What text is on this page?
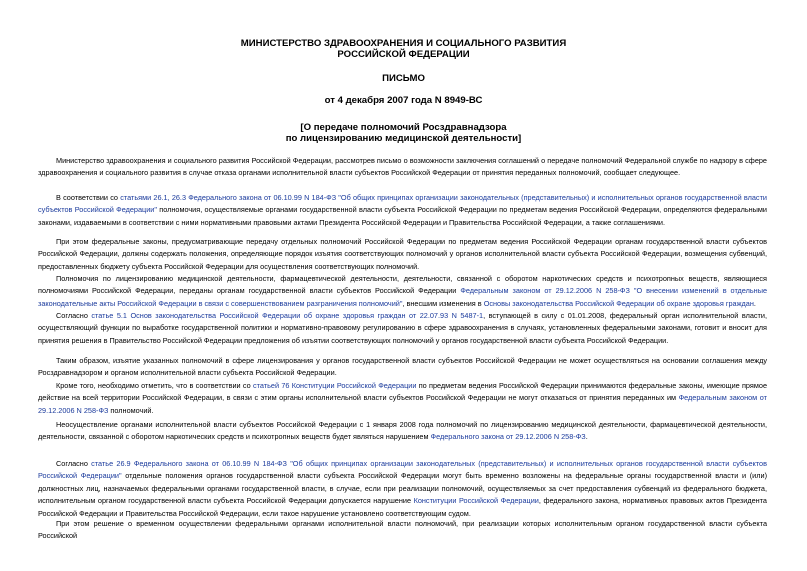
МИНИСТЕРСТВО ЗДРАВООХРАНЕНИЯ И СОЦИАЛЬНОГО РАЗВИТИЯ
РОССИЙСКОЙ ФЕДЕРАЦИИ
ПИСЬМО
от 4 декабря 2007 года N 8949-ВС
[О передаче полномочий Росздравнадзора
по лицензированию медицинской деятельности]

Министерство здравоохранения и социального развития Российской Федерации, рассмотрев письмо о возможности заключения соглашений о передаче полномочий Федеральной службе по надзору в сфере здравоохранения и социального развития в случае отказа органами исполнительной власти субъектов Российской Федерации от принятия переданных полномочий, сообщает следующее.

В соответствии со статьями 26.1, 26.3 Федерального закона от 06.10.99 N 184-ФЗ "Об общих принципах организации законодательных (представительных) и исполнительных органов государственной власти субъектов Российской Федерации" полномочия, осуществляемые органами государственной власти субъекта Российской Федерации по предметам ведения Российской Федерации, определяются федеральными законами, издаваемыми в соответствии с ними нормативными правовыми актами Президента Российской Федерации и Правительства Российской Федерации, а также соглашениями.

При этом федеральные законы, предусматривающие передачу отдельных полномочий Российской Федерации по предметам ведения Российской Федерации органам государственной власти субъектов Российской Федерации, должны содержать положения, определяющие порядок изъятия соответствующих полномочий у органов исполнительной власти субъекта Российской Федерации, возмещения субвенций, предоставленных бюджету субъекта Российской Федерации для осуществления соответствующих полномочий.

Полномочия по лицензированию медицинской деятельности, фармацевтической деятельности, деятельности, связанной с оборотом наркотических средств и психотропных веществ, являющиеся полномочиями Российской Федерации, переданы органам государственной власти субъектов Российской Федерации Федеральным законом от 29.12.2006 N 258-ФЗ "О внесении изменений в отдельные законодательные акты Российской Федерации в связи с совершенствованием разграничения полномочий", внесшим изменения в Основы законодательства Российской Федерации об охране здоровья граждан.

Согласно статье 5.1 Основ законодательства Российской Федерации об охране здоровья граждан от 22.07.93 N 5487-1, вступающей в силу с 01.01.2008, федеральный орган исполнительной власти, осуществляющий функции по выработке государственной политики и нормативно-правовому регулированию в сфере здравоохранения в случаях, установленных федеральными законами, готовит и вносит для принятия решения в Правительство Российской Федерации предложения об изъятии соответствующих полномочий у органов государственной власти субъекта Российской Федерации.

Таким образом, изъятие указанных полномочий в сфере лицензирования у органов государственной власти субъектов Российской Федерации не может осуществляться на основании соглашения между Росздравнадзором и органом исполнительной власти субъекта Российской Федерации.

Кроме того, необходимо отметить, что в соответствии со статьей 76 Конституции Российской Федерации по предметам ведения Российской Федерации принимаются федеральные законы, имеющие прямое действие на всей территории Российской Федерации, в связи с этим органы исполнительной власти субъектов Российской Федерации не могут отказаться от принятия переданных им Федеральным законом от 29.12.2006 N 258-ФЗ полномочий.

Неосуществление органами исполнительной власти субъектов Российской Федерации с 1 января 2008 года полномочий по лицензированию медицинской деятельности, фармацевтической деятельности, деятельности, связанной с оборотом наркотических средств и психотропных веществ будет являться нарушением Федерального закона от 29.12.2006 N 258-ФЗ.

Согласно статье 26.9 Федерального закона от 06.10.99 N 184-ФЗ "Об общих принципах организации законодательных (представительных) и исполнительных органов государственной власти субъектов Российской Федерации" отдельные положения органов государственной власти субъекта Российской Федерации могут быть временно возложены на федеральные органы государственной власти и (или) должностных лиц, назначаемых федеральными органами государственной власти, в случае, если при реализации полномочий, осуществляемых за счет предоставления субвенций из федерального бюджета, исполнительным органом государственной власти субъекта Российской Федерации допускается нарушение Конституции Российской Федерации, федерального закона, нормативных правовых актов Президента Российской Федерации и Правительства Российской Федерации, если такое нарушение установлено соответствующим судом.

При этом решение о временном осуществлении федеральными органами исполнительной власти полномочий, при реализации которых исполнительным органом государственной власти субъекта Российской
